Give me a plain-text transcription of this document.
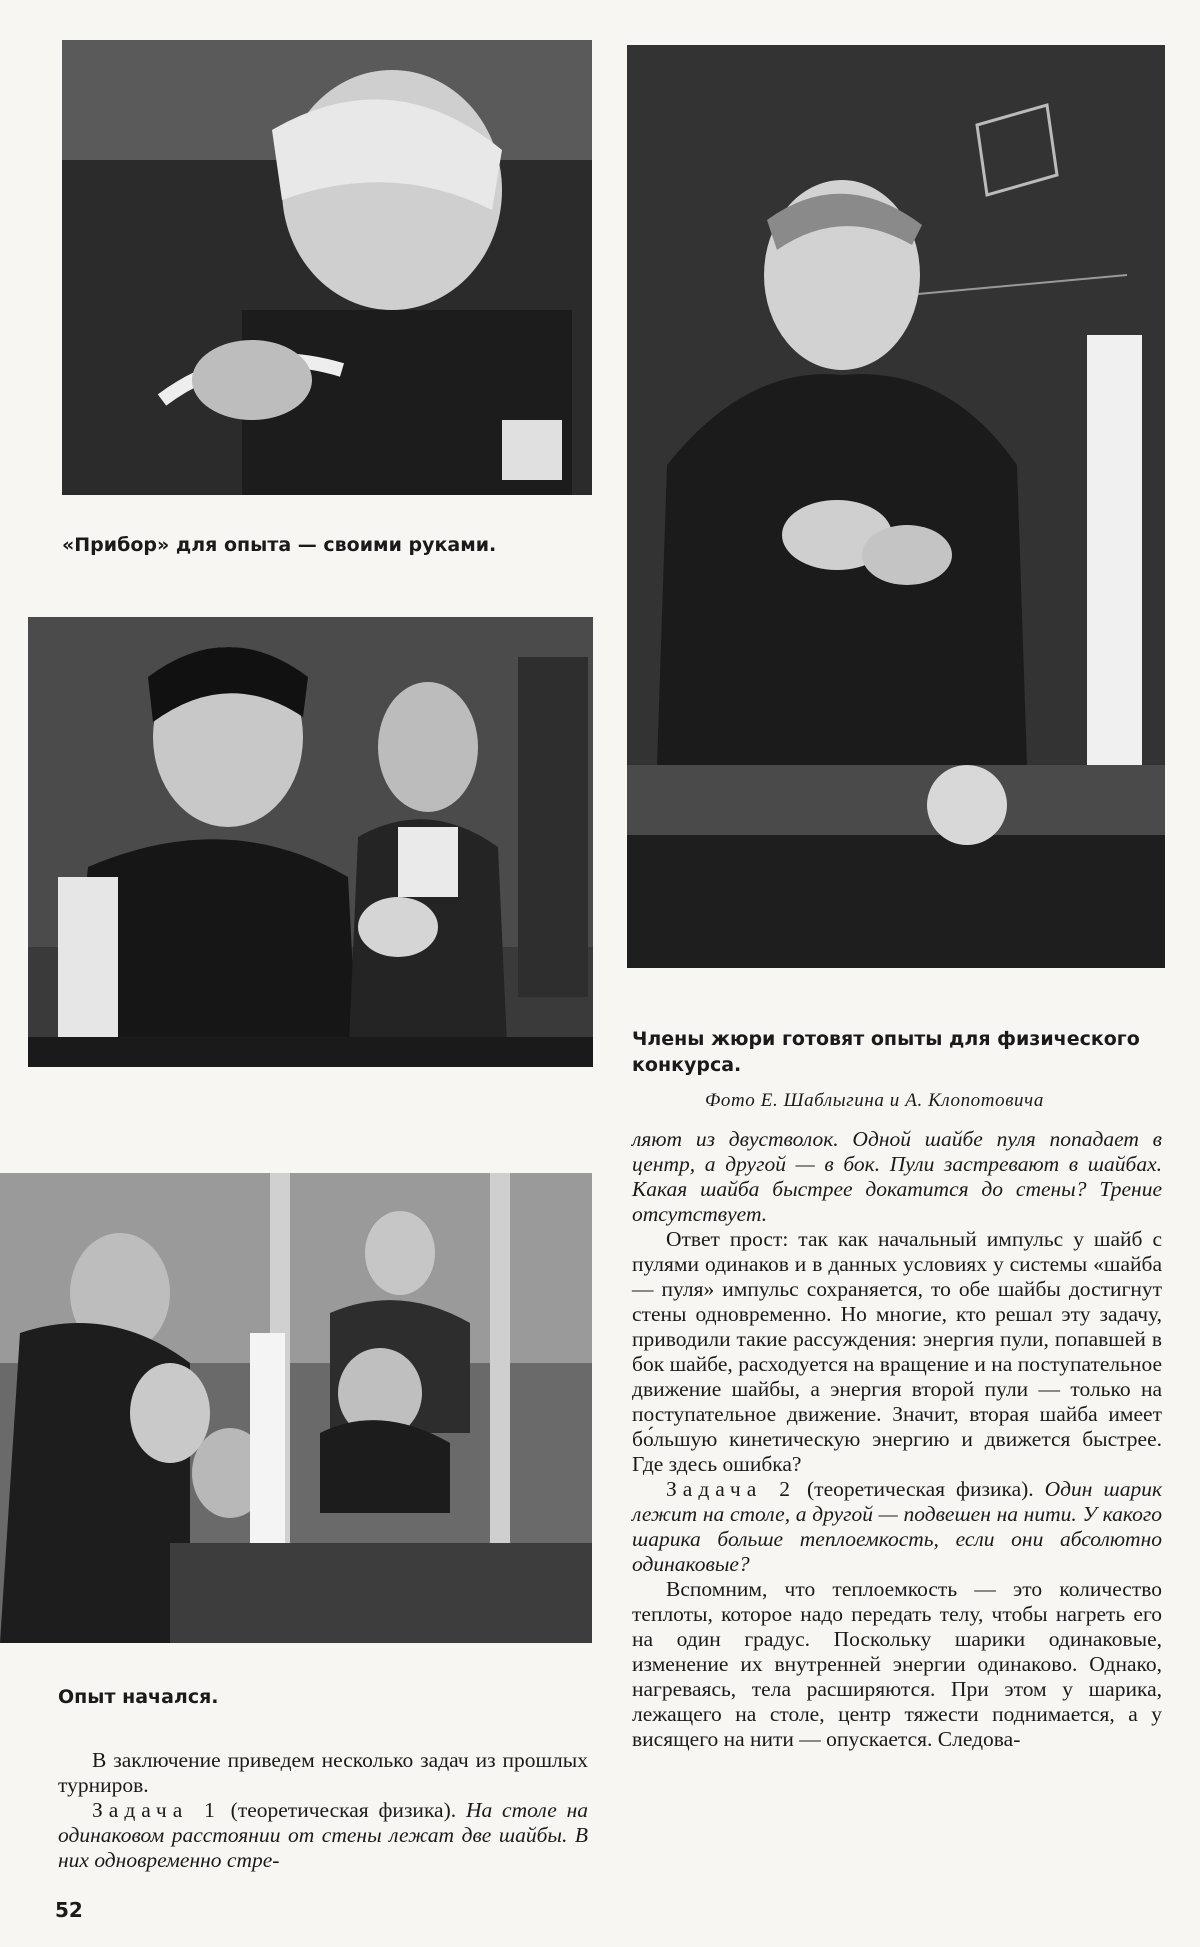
«Прибор» для опыта — своими руками.

Члены жюри готовят опыты для физического конкурса.

Фото Е. Шаблыгина и А. Клопотовича

Опыт начался.

В заключение приведем несколько задач из прошлых турниров.

Задача 1 (теоретическая физика). На столе на одинаковом расстоянии от стены лежат две шайбы. В них одновременно стре-

ляют из двустволок. Одной шайбе пуля попадает в центр, а другой — в бок. Пули застревают в шайбах. Какая шайба быстрее докатится до стены? Трение отсутствует.

Ответ прост: так как начальный импульс у шайб с пулями одинаков и в данных условиях у системы «шайба — пуля» импульс сохраняется, то обе шайбы достигнут стены одновременно. Но многие, кто решал эту задачу, приводили такие рассуждения: энергия пули, попавшей в бок шайбе, расходуется на вращение и на поступательное движение шайбы, а энергия второй пули — только на поступательное движение. Значит, вторая шайба имеет бо́льшую кинетическую энергию и движется быстрее. Где здесь ошибка?

Задача 2 (теоретическая физика). Один шарик лежит на столе, а другой — подвешен на нити. У какого шарика больше теплоемкость, если они абсолютно одинаковые?

Вспомним, что теплоемкость — это количество теплоты, которое надо передать телу, чтобы нагреть его на один градус. Поскольку шарики одинаковые, изменение их внутренней энергии одинаково. Однако, нагреваясь, тела расширяются. При этом у шарика, лежащего на столе, центр тяжести поднимается, а у висящего на нити — опускается. Следова-

52
